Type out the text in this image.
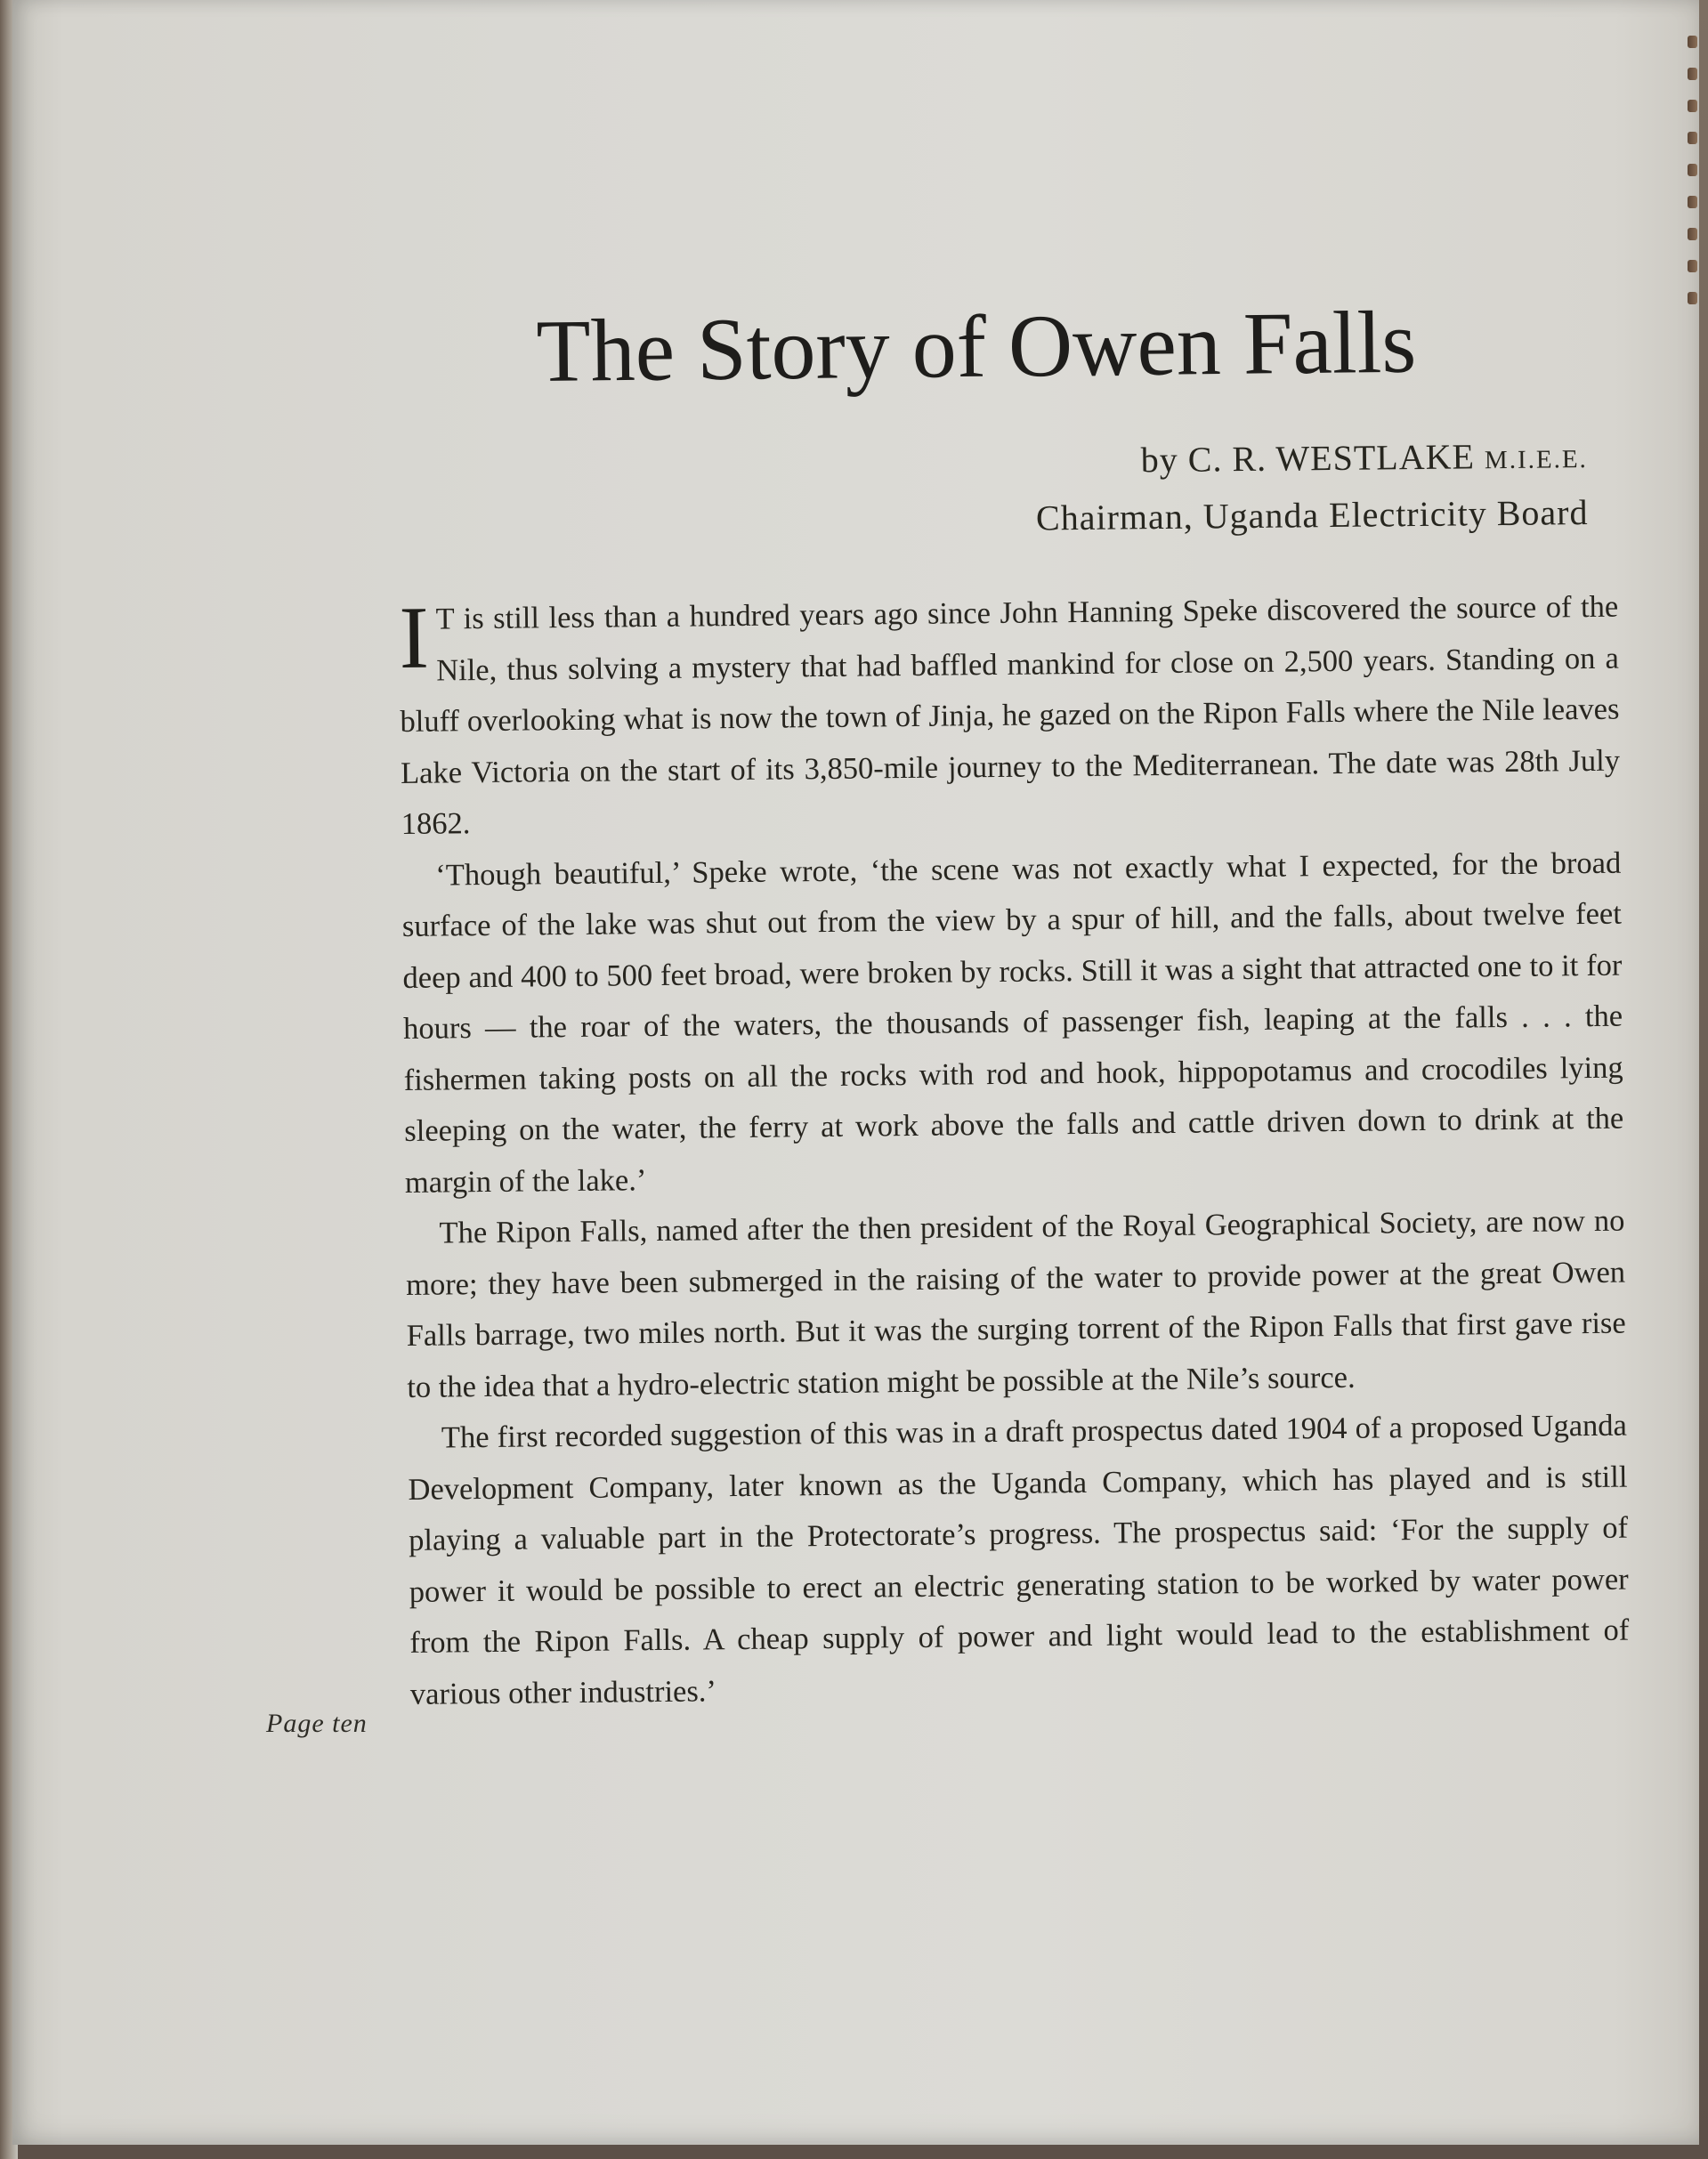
The Story of Owen Falls
by C. R. WESTLAKE M.I.E.E.
Chairman, Uganda Electricity Board

I T is still less than a hundred years ago since John Hanning Speke discovered the source of the Nile, thus solving a mystery that had baffled mankind for close on 2,500 years. Standing on a bluff overlooking what is now the town of Jinja, he gazed on the Ripon Falls where the Nile leaves Lake Victoria on the start of its 3,850-mile journey to the Mediterranean. The date was 28th July 1862.

‘Though beautiful,’ Speke wrote, ‘the scene was not exactly what I expected, for the broad surface of the lake was shut out from the view by a spur of hill, and the falls, about twelve feet deep and 400 to 500 feet broad, were broken by rocks. Still it was a sight that attracted one to it for hours — the roar of the waters, the thousands of passenger fish, leaping at the falls . . . the fishermen taking posts on all the rocks with rod and hook, hippopotamus and crocodiles lying sleeping on the water, the ferry at work above the falls and cattle driven down to drink at the margin of the lake.’

The Ripon Falls, named after the then president of the Royal Geographical Society, are now no more; they have been submerged in the raising of the water to provide power at the great Owen Falls barrage, two miles north. But it was the surging torrent of the Ripon Falls that first gave rise to the idea that a hydro-electric station might be possible at the Nile’s source.

The first recorded suggestion of this was in a draft prospectus dated 1904 of a proposed Uganda Development Company, later known as the Uganda Company, which has played and is still playing a valuable part in the Protectorate’s progress. The prospectus said: ‘For the supply of power it would be possible to erect an electric generating station to be worked by water power from the Ripon Falls. A cheap supply of power and light would lead to the establishment of various other industries.’

Page ten
